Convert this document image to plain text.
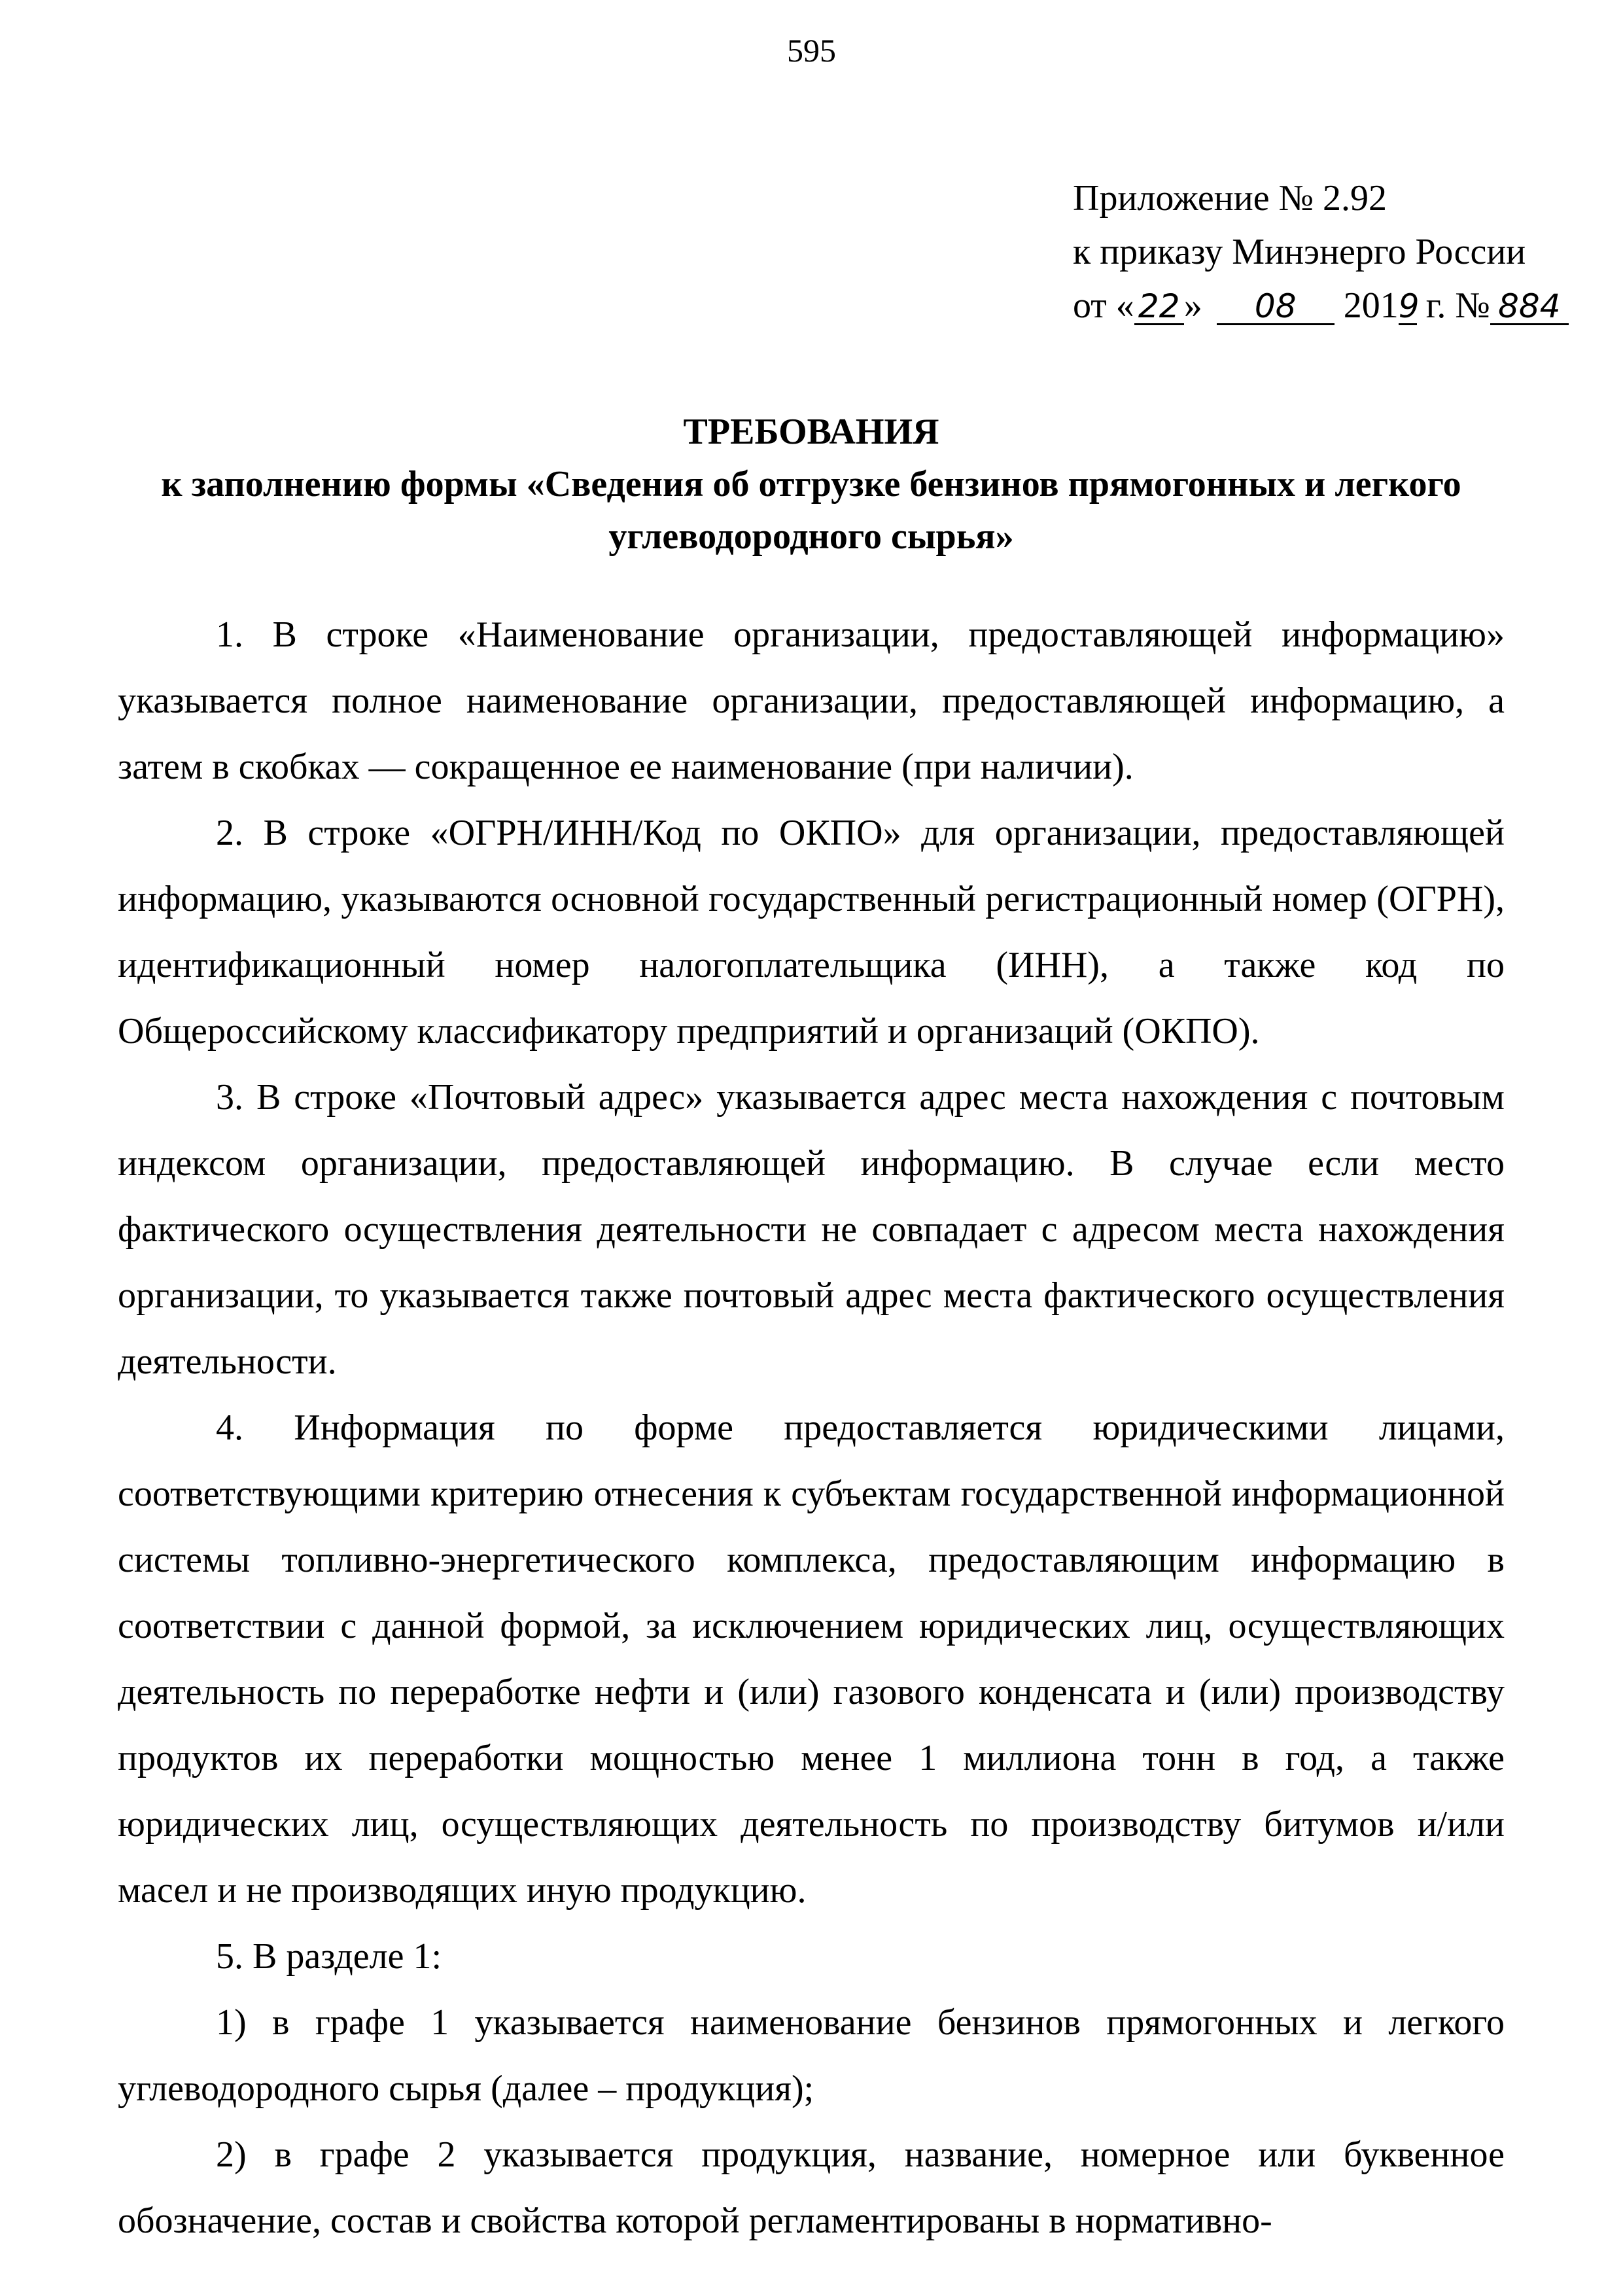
595
Приложение № 2.92
к приказу Минэнерго России
от « 22 » 08 2019 г. № 884
ТРЕБОВАНИЯ
к заполнению формы «Сведения об отгрузке бензинов прямогонных и легкого
углеводородного сырья»

1. В строке «Наименование организации, предоставляющей информацию» указывается полное наименование организации, предоставляющей информацию, а затем в скобках — сокращенное ее наименование (при наличии).

2. В строке «ОГРН/ИНН/Код по ОКПО» для организации, предоставляющей информацию, указываются основной государственный регистрационный номер (ОГРН), идентификационный номер налогоплательщика (ИНН), а также код по Общероссийскому классификатору предприятий и организаций (ОКПО).

3. В строке «Почтовый адрес» указывается адрес места нахождения с почтовым индексом организации, предоставляющей информацию. В случае если место фактического осуществления деятельности не совпадает с адресом места нахождения организации, то указывается также почтовый адрес места фактического осуществления деятельности.

4. Информация по форме предоставляется юридическими лицами, соответствующими критерию отнесения к субъектам государственной информационной системы топливно-энергетического комплекса, предоставляющим информацию в соответствии с данной формой, за исключением юридических лиц, осуществляющих деятельность по переработке нефти и (или) газового конденсата и (или) производству продуктов их переработки мощностью менее 1 миллиона тонн в год, а также юридических лиц, осуществляющих деятельность по производству битумов и/или масел и не производящих иную продукцию.

5. В разделе 1:

1) в графе 1 указывается наименование бензинов прямогонных и легкого углеводородного сырья (далее – продукция);

2) в графе 2 указывается продукция, название, номерное или буквенное обозначение, состав и свойства которой регламентированы в нормативно-
